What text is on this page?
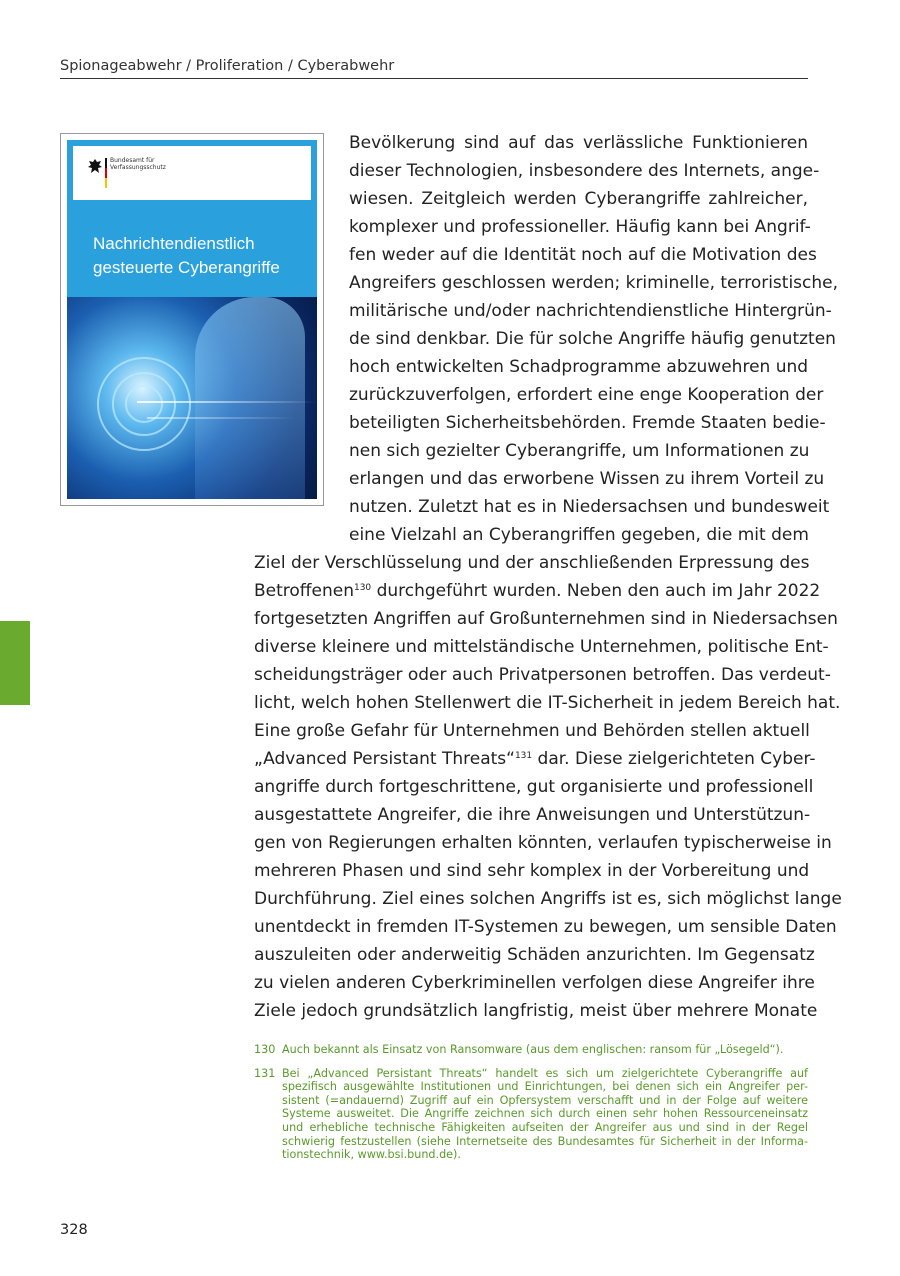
Spionageabwehr / Proliferation / Cyberabwehr
Bundesamt für
Verfassungsschutz
Nachrichtendienstlich
gesteuerte Cyberangriffe
Bevölkerung sind auf das verlässliche Funktionieren
dieser Technologien, insbesondere des Internets, ange-
wiesen. Zeitgleich werden Cyberangriffe zahlreicher,
komplexer und professioneller. Häufig kann bei Angrif-
fen weder auf die Identität noch auf die Motivation des
Angreifers geschlossen werden; kriminelle, terroristische,
militärische und/oder nachrichtendienstliche Hintergrün-
de sind denkbar. Die für solche Angriffe häufig genutzten
hoch entwickelten Schadprogramme abzuwehren und
zurückzuverfolgen, erfordert eine enge Kooperation der
beteiligten Sicherheitsbehörden. Fremde Staaten bedie-
nen sich gezielter Cyberangriffe, um Informationen zu
erlangen und das erworbene Wissen zu ihrem Vorteil zu
nutzen. Zuletzt hat es in Niedersachsen und bundesweit
eine Vielzahl an Cyberangriffen gegeben, die mit dem
Ziel der Verschlüsselung und der anschließenden Erpressung des
Betroffenen$^{130}$ durchgeführt wurden. Neben den auch im Jahr 2022
fortgesetzten Angriffen auf Großunternehmen sind in Niedersachsen
diverse kleinere und mittelständische Unternehmen, politische Ent-
scheidungsträger oder auch Privatpersonen betroffen. Das verdeut-
licht, welch hohen Stellenwert die IT-Sicherheit in jedem Bereich hat.
Eine große Gefahr für Unternehmen und Behörden stellen aktuell
„Advanced Persistant Threats“$^{131}$ dar. Diese zielgerichteten Cyber-
angriffe durch fortgeschrittene, gut organisierte und professionell
ausgestattete Angreifer, die ihre Anweisungen und Unterstützun-
gen von Regierungen erhalten könnten, verlaufen typischerweise in
mehreren Phasen und sind sehr komplex in der Vorbereitung und
Durchführung. Ziel eines solchen Angriffs ist es, sich möglichst lange
unentdeckt in fremden IT-Systemen zu bewegen, um sensible Daten
auszuleiten oder anderweitig Schäden anzurichten. Im Gegensatz
zu vielen anderen Cyberkriminellen verfolgen diese Angreifer ihre
Ziele jedoch grundsätzlich langfristig, meist über mehrere Monate
130 Auch bekannt als Einsatz von Ransomware (aus dem englischen: ransom für „Lösegeld“).
131 Bei „Advanced Persistant Threats“ handelt es sich um zielgerichtete Cyberangriffe auf spezifisch ausgewählte Institutionen und Einrichtungen, bei denen sich ein Angreifer per-sistent (=andauernd) Zugriff auf ein Opfersystem verschafft und in der Folge auf weitere Systeme ausweitet. Die Angriffe zeichnen sich durch einen sehr hohen Ressourceneinsatz und erhebliche technische Fähigkeiten aufseiten der Angreifer aus und sind in der Regel schwierig festzustellen (siehe Internetseite des Bundesamtes für Sicherheit in der Informa-tionstechnik, www.bsi.bund.de).
328
